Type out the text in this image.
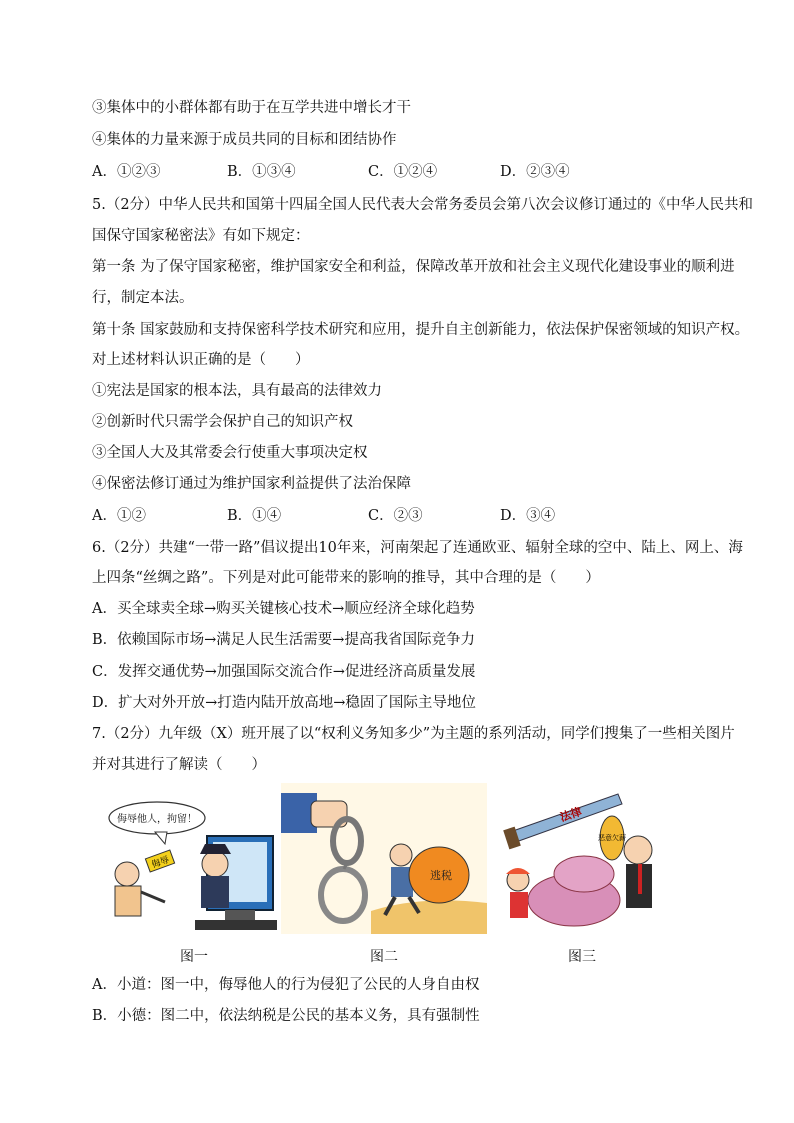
③集体中的小群体都有助于在互学共进中增长才干
④集体的力量来源于成员共同的目标和团结协作
A．①②③	B．①③④	C．①②④	D．②③④
5.（2分）中华人民共和国第十四届全国人民代表大会常务委员会第八次会议修订通过的《中华人民共和
国保守国家秘密法》有如下规定：
第一条 为了保守国家秘密，维护国家安全和利益，保障改革开放和社会主义现代化建设事业的顺利进
行，制定本法。
第十条 国家鼓励和支持保密科学技术研究和应用，提升自主创新能力，依法保护保密领域的知识产权。
对上述材料认识正确的是（　　）
①宪法是国家的根本法，具有最高的法律效力
②创新时代只需学会保护自己的知识产权
③全国人大及其常委会行使重大事项决定权
④保密法修订通过为维护国家利益提供了法治保障
A．①②	B．①④	C．②③	D．③④
6.（2分）共建“一带一路”倡议提出10年来，河南架起了连通欧亚、辐射全球的空中、陆上、网上、海
上四条“丝绸之路”。下列是对此可能带来的影响的推导，其中合理的是（　　）
A．买全球卖全球→购买关键核心技术→顺应经济全球化趋势
B．依赖国际市场→满足人民生活需要→提高我省国际竞争力
C．发挥交通优势→加强国际交流合作→促进经济高质量发展
D．扩大对外开放→打造内陆开放高地→稳固了国际主导地位
7.（2分）九年级（X）班开展了以“权利义务知多少”为主题的系列活动，同学们搜集了一些相关图片
并对其进行了解读（　　）
侮辱他人，拘留！
侮辱
图一
逃税
图二
法律
恶意欠薪
图三
A．小道：图一中，侮辱他人的行为侵犯了公民的人身自由权
B．小德：图二中，依法纳税是公民的基本义务，具有强制性
